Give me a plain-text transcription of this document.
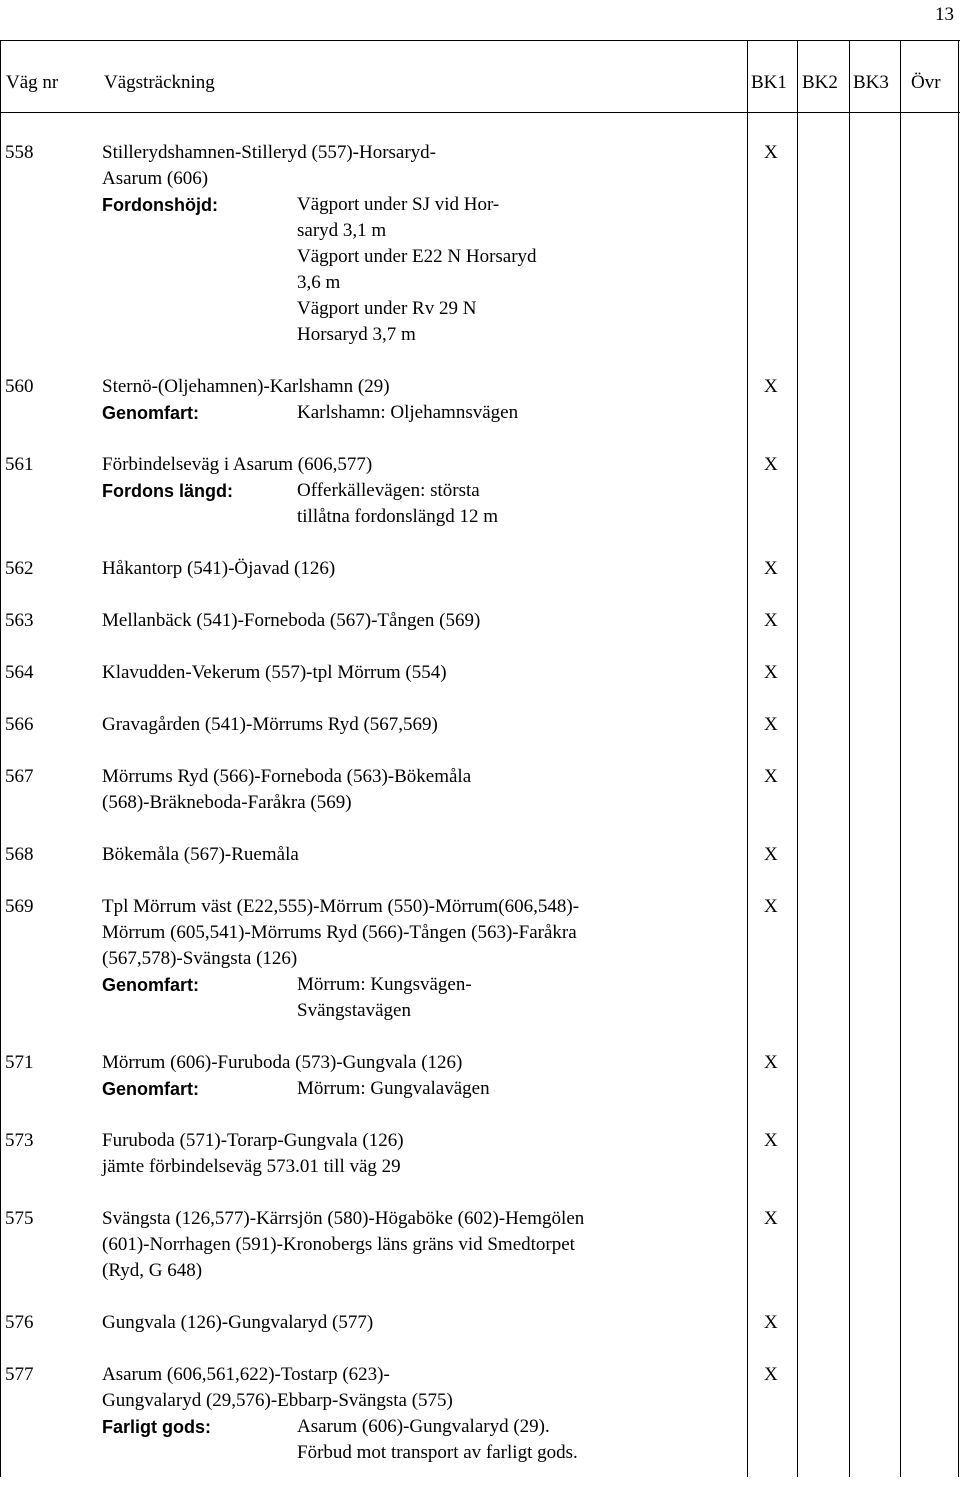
13
Väg nr Vägsträckning	BK1 BK2 BK3 Övr
558	Stillerydshamnen-Stilleryd (557)-Horsaryd-
Asarum (606)
Fordonshöjd:	Vägport under SJ vid Hor-
saryd 3,1 m
Vägport under E22 N Horsaryd
3,6 m
Vägport under Rv 29 N
Horsaryd 3,7 m
X
560	Sternö-(Oljehamnen)-Karlshamn (29)
Genomfart:	Karlshamn: Oljehamnsvägen
X
561	Förbindelseväg i Asarum (606,577)
Fordons längd:	Offerkällevägen: största
tillåtna fordonslängd 12 m
X
562	Håkantorp (541)-Öjavad (126)	X
563	Mellanbäck (541)-Forneboda (567)-Tången (569)	X
564	Klavudden-Vekerum (557)-tpl Mörrum (554)	X
566	Gravagården (541)-Mörrums Ryd (567,569)	X
567	Mörrums Ryd (566)-Forneboda (563)-Bökemåla
(568)-Bräkneboda-Faråkra (569)
X
568	Bökemåla (567)-Ruemåla	X
569	Tpl Mörrum väst (E22,555)-Mörrum (550)-Mörrum(606,548)-
Mörrum (605,541)-Mörrums Ryd (566)-Tången (563)-Faråkra
(567,578)-Svängsta (126)
Genomfart:	Mörrum: Kungsvägen-
Svängstavägen
X
571	Mörrum (606)-Furuboda (573)-Gungvala (126)
Genomfart:	Mörrum: Gungvalavägen
X
573	Furuboda (571)-Torarp-Gungvala (126)
jämte förbindelseväg 573.01 till väg 29
X
575	Svängsta (126,577)-Kärrsjön (580)-Högaböke (602)-Hemgölen
(601)-Norrhagen (591)-Kronobergs läns gräns vid Smedtorpet
(Ryd, G 648)
X
576	Gungvala (126)-Gungvalaryd (577)	X
577	Asarum (606,561,622)-Tostarp (623)-
Gungvalaryd (29,576)-Ebbarp-Svängsta (575)
Farligt gods:	Asarum (606)-Gungvalaryd (29).
Förbud mot transport av farligt gods.
X
